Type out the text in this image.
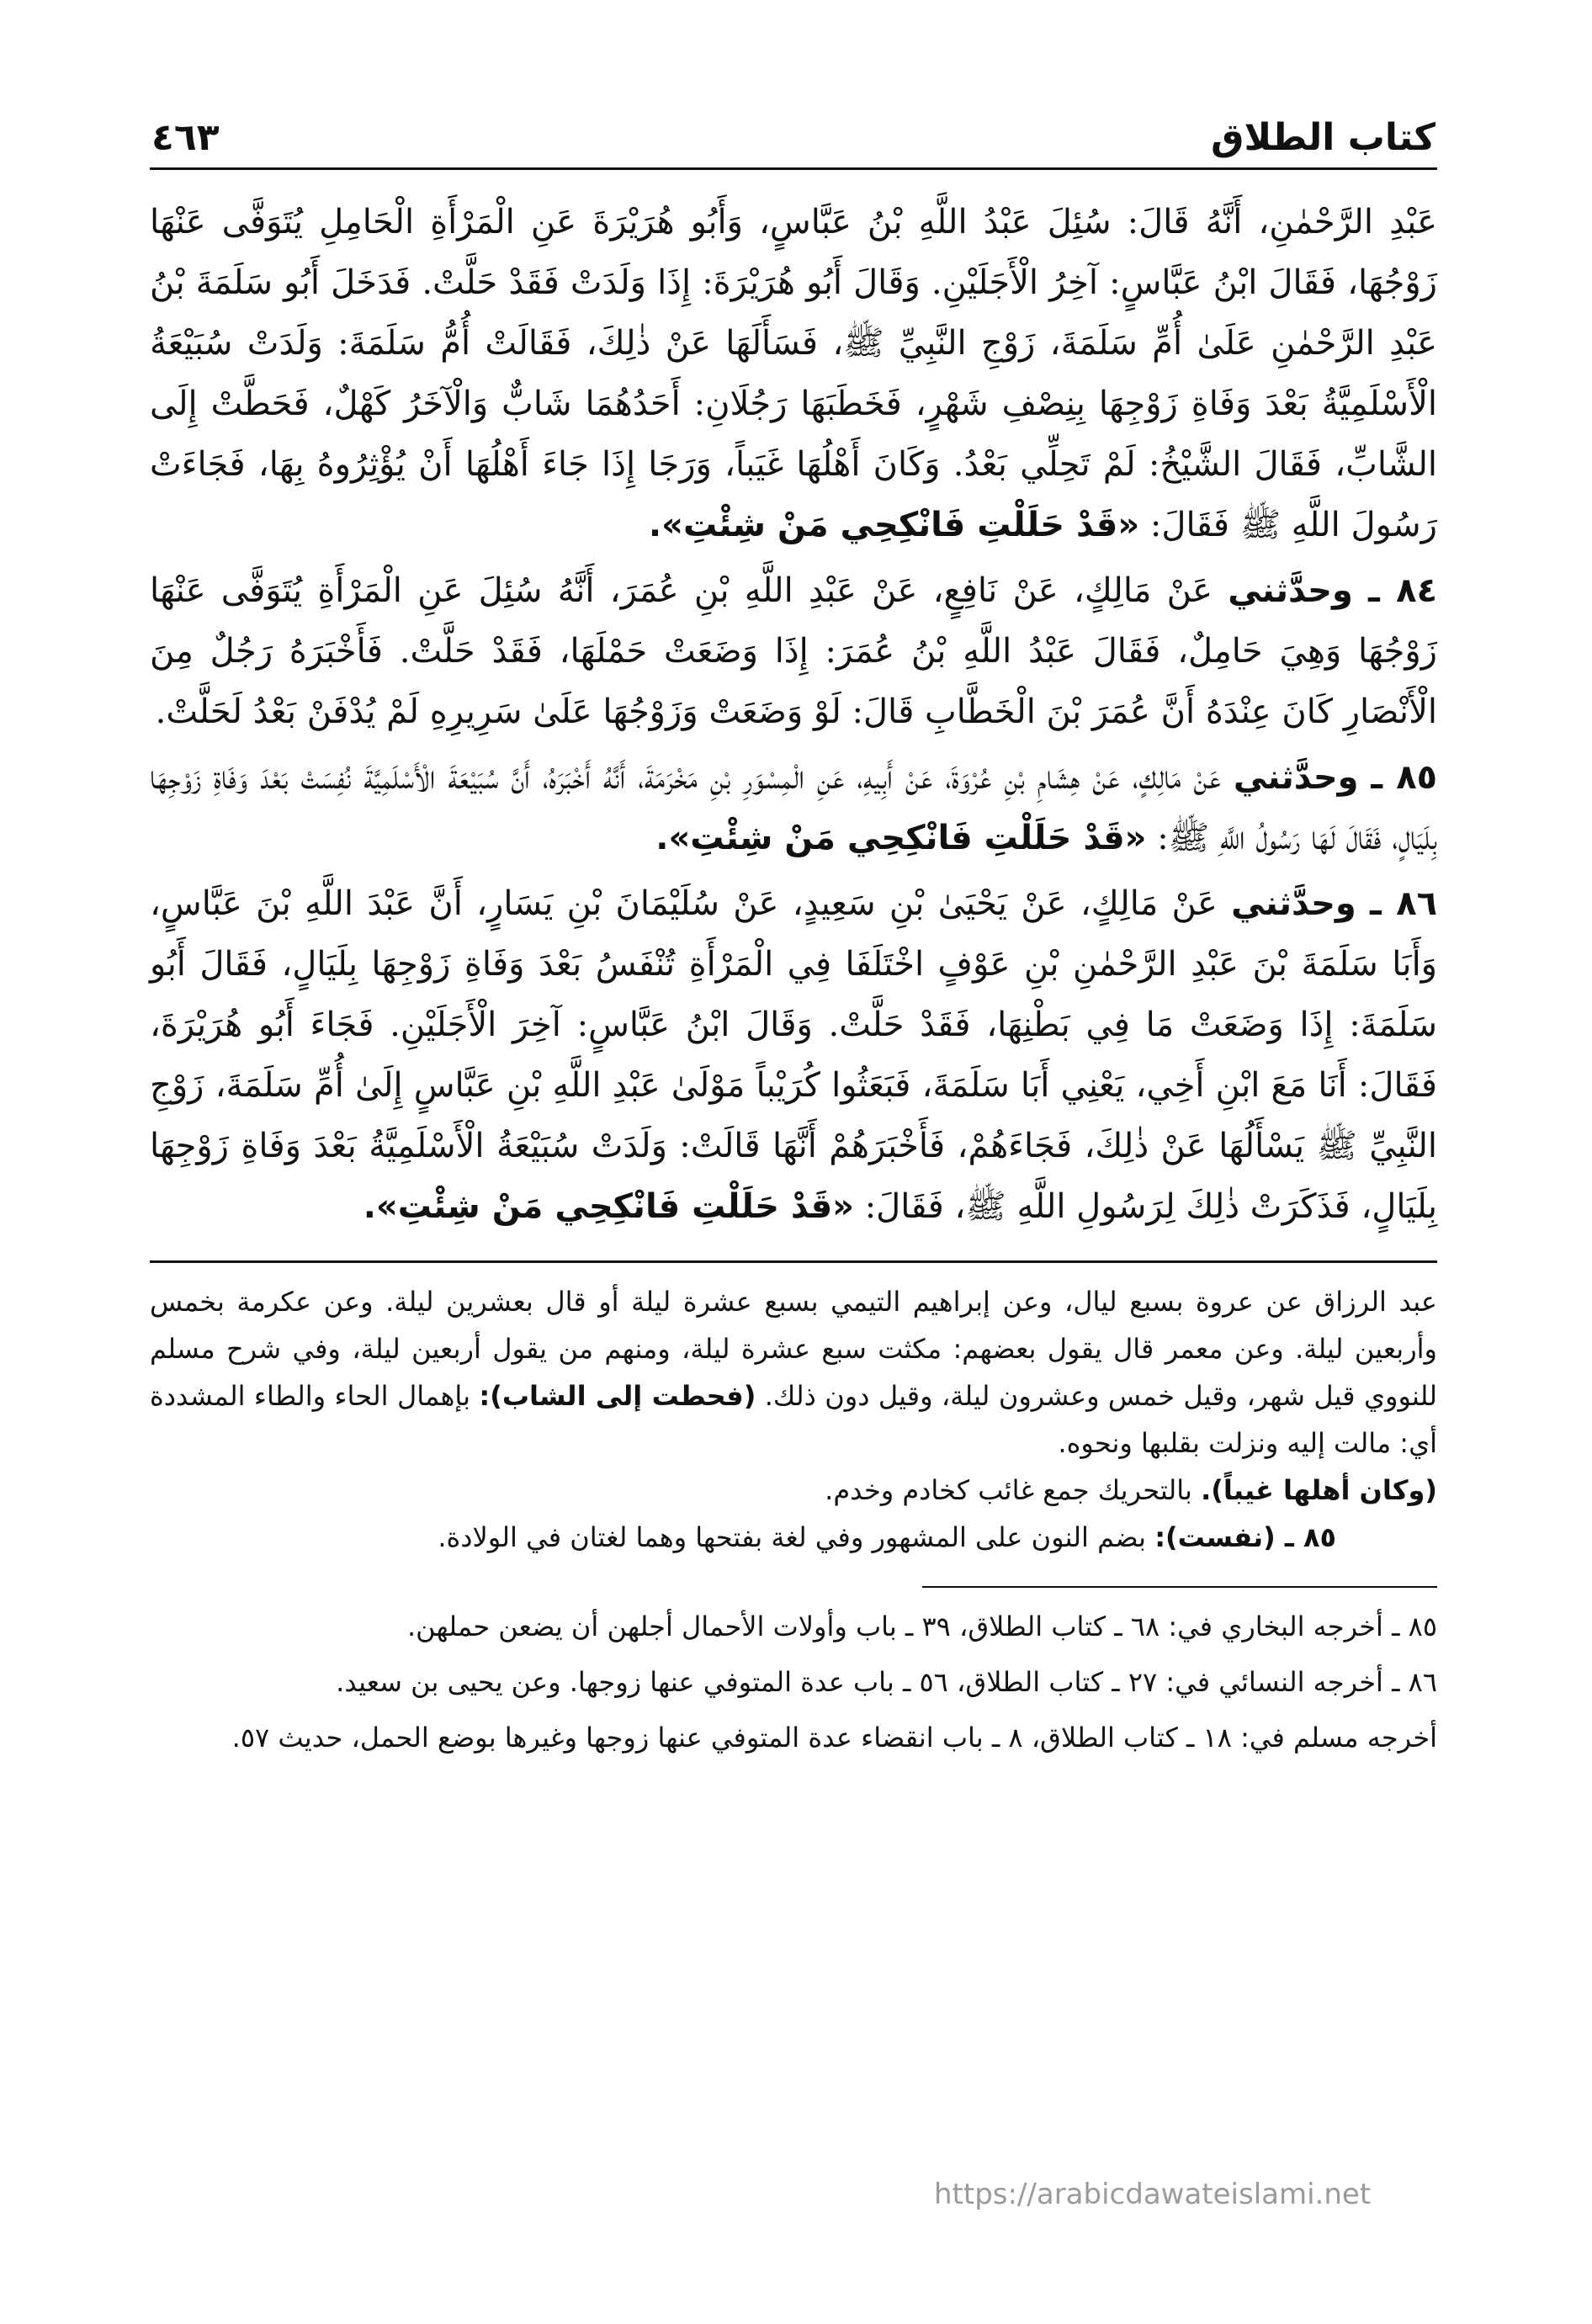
كتاب الطلاق
٤٦٣

عَبْدِ الرَّحْمٰنِ، أَنَّهُ قَالَ: سُئِلَ عَبْدُ اللَّهِ بْنُ عَبَّاسٍ، وَأَبُو هُرَيْرَةَ عَنِ الْمَرْأَةِ الْحَامِلِ يُتَوَفَّى عَنْهَا زَوْجُهَا، فَقَالَ ابْنُ عَبَّاسٍ: آخِرُ الْأَجَلَيْنِ. وَقَالَ أَبُو هُرَيْرَةَ: إِذَا وَلَدَتْ فَقَدْ حَلَّتْ. فَدَخَلَ أَبُو سَلَمَةَ بْنُ عَبْدِ الرَّحْمٰنِ عَلَىٰ أُمِّ سَلَمَةَ، زَوْجِ النَّبِيِّ ﷺ، فَسَأَلَهَا عَنْ ذٰلِكَ، فَقَالَتْ أُمُّ سَلَمَةَ: وَلَدَتْ سُبَيْعَةُ الْأَسْلَمِيَّةُ بَعْدَ وَفَاةِ زَوْجِهَا بِنِصْفِ شَهْرٍ، فَخَطَبَهَا رَجُلَانِ: أَحَدُهُمَا شَابٌّ وَالْآخَرُ كَهْلٌ، فَحَطَّتْ إِلَى الشَّابِّ، فَقَالَ الشَّيْخُ: لَمْ تَحِلِّي بَعْدُ. وَكَانَ أَهْلُهَا غَيَباً، وَرَجَا إِذَا جَاءَ أَهْلُهَا أَنْ يُؤْثِرُوهُ بِهَا، فَجَاءَتْ رَسُولَ اللَّهِ ﷺ فَقَالَ: «قَدْ حَلَلْتِ فَانْكِحِي مَنْ شِئْتِ».

٨٤ ـ وحدَّثني عَنْ مَالِكٍ، عَنْ نَافِعٍ، عَنْ عَبْدِ اللَّهِ بْنِ عُمَرَ، أَنَّهُ سُئِلَ عَنِ الْمَرْأَةِ يُتَوَفَّى عَنْهَا زَوْجُهَا وَهِيَ حَامِلٌ، فَقَالَ عَبْدُ اللَّهِ بْنُ عُمَرَ: إِذَا وَضَعَتْ حَمْلَهَا، فَقَدْ حَلَّتْ. فَأَخْبَرَهُ رَجُلٌ مِنَ الْأَنْصَارِ كَانَ عِنْدَهُ أَنَّ عُمَرَ بْنَ الْخَطَّابِ قَالَ: لَوْ وَضَعَتْ وَزَوْجُهَا عَلَىٰ سَرِيرِهِ لَمْ يُدْفَنْ بَعْدُ لَحَلَّتْ.

٨٥ ـ وحدَّثني عَنْ مَالِكٍ، عَنْ هِشَامِ بْنِ عُرْوَةَ، عَنْ أَبِيهِ، عَنِ الْمِسْوَرِ بْنِ مَخْرَمَةَ، أَنَّهُ أَخْبَرَهُ، أَنَّ سُبَيْعَةَ الْأَسْلَمِيَّةَ نُفِسَتْ بَعْدَ وَفَاةِ زَوْجِهَا بِلَيَالٍ، فَقَالَ لَهَا رَسُولُ اللَّهِ ﷺ: «قَدْ حَلَلْتِ فَانْكِحِي مَنْ شِئْتِ».

٨٦ ـ وحدَّثني عَنْ مَالِكٍ، عَنْ يَحْيَىٰ بْنِ سَعِيدٍ، عَنْ سُلَيْمَانَ بْنِ يَسَارٍ، أَنَّ عَبْدَ اللَّهِ بْنَ عَبَّاسٍ، وَأَبَا سَلَمَةَ بْنَ عَبْدِ الرَّحْمٰنِ بْنِ عَوْفٍ اخْتَلَفَا فِي الْمَرْأَةِ تُنْفَسُ بَعْدَ وَفَاةِ زَوْجِهَا بِلَيَالٍ، فَقَالَ أَبُو سَلَمَةَ: إِذَا وَضَعَتْ مَا فِي بَطْنِهَا، فَقَدْ حَلَّتْ. وَقَالَ ابْنُ عَبَّاسٍ: آخِرَ الْأَجَلَيْنِ. فَجَاءَ أَبُو هُرَيْرَةَ، فَقَالَ: أَنَا مَعَ ابْنِ أَخِي، يَعْنِي أَبَا سَلَمَةَ، فَبَعَثُوا كُرَيْباً مَوْلَىٰ عَبْدِ اللَّهِ بْنِ عَبَّاسٍ إِلَىٰ أُمِّ سَلَمَةَ، زَوْجِ النَّبِيِّ ﷺ يَسْأَلُهَا عَنْ ذٰلِكَ، فَجَاءَهُمْ، فَأَخْبَرَهُمْ أَنَّهَا قَالَتْ: وَلَدَتْ سُبَيْعَةُ الْأَسْلَمِيَّةُ بَعْدَ وَفَاةِ زَوْجِهَا بِلَيَالٍ، فَذَكَرَتْ ذٰلِكَ لِرَسُولِ اللَّهِ ﷺ، فَقَالَ: «قَدْ حَلَلْتِ فَانْكِحِي مَنْ شِئْتِ».

عبد الرزاق عن عروة بسبع ليال، وعن إبراهيم التيمي بسبع عشرة ليلة أو قال بعشرين ليلة. وعن عكرمة بخمس وأربعين ليلة. وعن معمر قال يقول بعضهم: مكثت سبع عشرة ليلة، ومنهم من يقول أربعين ليلة، وفي شرح مسلم للنووي قيل شهر، وقيل خمس وعشرون ليلة، وقيل دون ذلك. (فحطت إلى الشاب): بإهمال الحاء والطاء المشددة أي: مالت إليه ونزلت بقلبها ونحوه.

(وكان أهلها غيباً). بالتحريك جمع غائب كخادم وخدم.

٨٥ ـ (نفست): بضم النون على المشهور وفي لغة بفتحها وهما لغتان في الولادة.

٨٥ ـ أخرجه البخاري في: ٦٨ ـ كتاب الطلاق، ٣٩ ـ باب وأولات الأحمال أجلهن أن يضعن حملهن.

٨٦ ـ أخرجه النسائي في: ٢٧ ـ كتاب الطلاق، ٥٦ ـ باب عدة المتوفي عنها زوجها. وعن يحيى بن سعيد.

أخرجه مسلم في: ١٨ ـ كتاب الطلاق، ٨ ـ باب انقضاء عدة المتوفي عنها زوجها وغيرها بوضع الحمل، حديث ٥٧.

https://arabicdawateislami.net
